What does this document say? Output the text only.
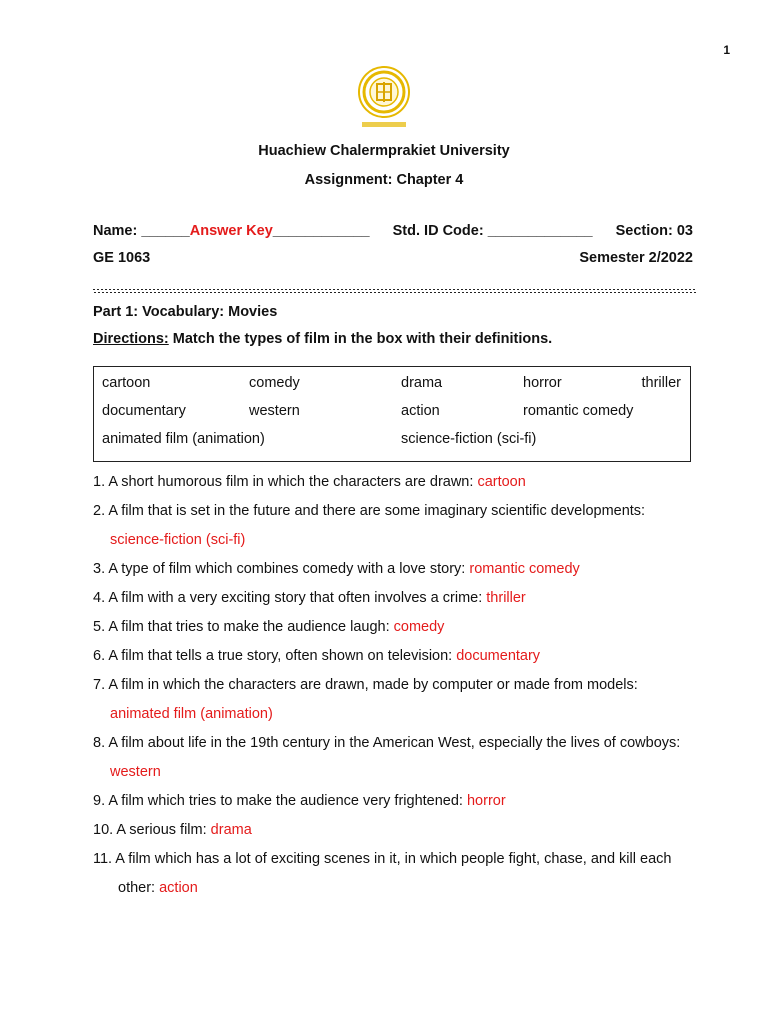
1
Huachiew Chalermprakiet University
Assignment: Chapter 4
Name: ______Answer Key____________ Std. ID Code: _____________ Section: 03
GE 1063	Semester 2/2022
Part 1: Vocabulary: Movies
Directions: Match the types of film in the box with their definitions.
cartoon	comedy	drama	horror	thriller
documentary	western	action	romantic comedy
animated film (animation)	science-fiction (sci-fi)
1. A short humorous film in which the characters are drawn: cartoon
2. A film that is set in the future and there are some imaginary scientific developments:
science-fiction (sci-fi)
3. A type of film which combines comedy with a love story: romantic comedy
4. A film with a very exciting story that often involves a crime: thriller
5. A film that tries to make the audience laugh: comedy
6. A film that tells a true story, often shown on television: documentary
7. A film in which the characters are drawn, made by computer or made from models:
animated film (animation)
8. A film about life in the 19th century in the American West, especially the lives of cowboys:
western
9. A film which tries to make the audience very frightened: horror
10. A serious film: drama
11. A film which has a lot of exciting scenes in it, in which people fight, chase, and kill each
other: action
